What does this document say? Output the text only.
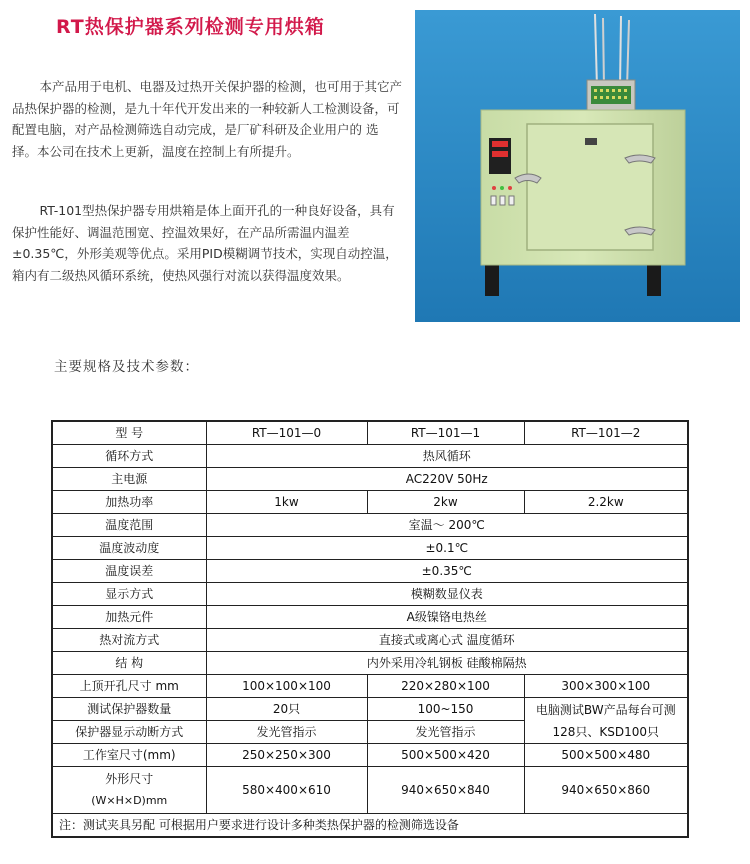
RT热保护器系列检测专用烘箱
本产品用于电机、电器及过热开关保护器的检测，也可用于其它产品热保护器的检测，是九十年代开发出来的一种较新人工检测设备，可配置电脑，对产品检测筛选自动完成，是厂矿科研及企业用户的 选择。本公司在技术上更新，温度在控制上有所提升。
RT-101型热保护器专用烘箱是体上面开孔的一种良好设备，具有保护性能好、调温范围宽、控温效果好，在产品所需温内温差±0.35℃，外形美观等优点。采用PID模糊调节技术，实现自动控温，箱内有二级热风循环系统，使热风强行对流以获得温度效果。
主要规格及技术参数：
型 号	RT—101—0	RT—101—1	RT—101—2
循环方式	热风循环		
主电源	AC220V 50Hz		
加热功率	1kw	2kw	2.2kw
温度范围	室温～ 200℃		
温度波动度	±0.1℃		
温度误差	±0.35℃		
显示方式	模糊数显仪表		
加热元件	A级镍铬电热丝		
热对流方式	直接式或离心式 温度循环		
结 构	内外采用冷轧钢板 硅酸棉隔热		
上顶开孔尺寸 mm	100×100×100	220×280×100	300×300×100
测试保护器数量	20只	100~150	电脑测试BW产品每台可测128只、KSD100只
保护器显示动断方式	发光管指示	发光管指示	
工作室尺寸(mm)	250×250×300	500×500×420	500×500×480

外形尺寸
(W×H×D)mm	580×400×610	940×650×840	940×650×860
注：测试夹具另配 可根据用户要求进行设计多种类热保护器的检测筛选设备			
